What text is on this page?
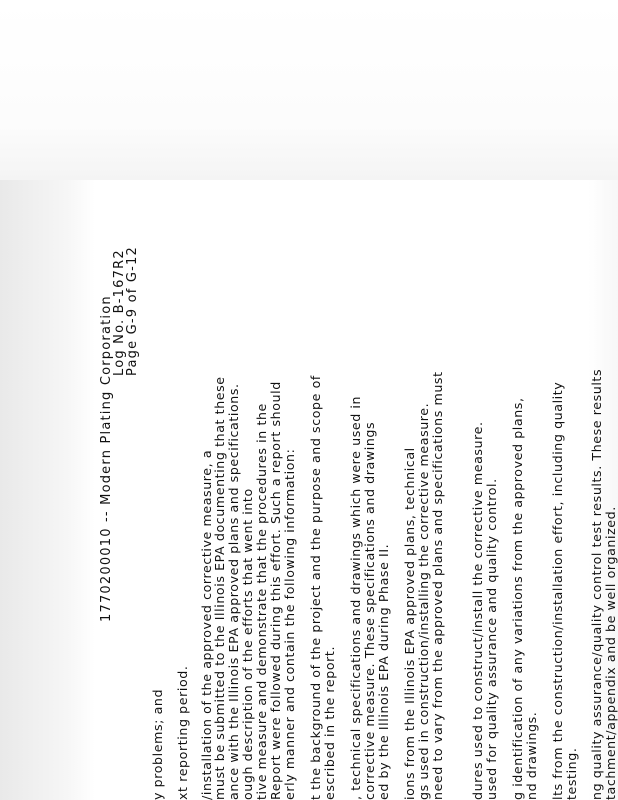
1770200010 -- Modern Plating Corporation
Log No. B-167R2
Page G-9 of G-12
y problems; and xt reporting period. /installation of the approved corrective measure, a
must be submitted to the Illinois EPA documenting that these ance with the Illinois EPA approved plans and specifications. ough description of the efforts that went into tive measure and demonstrate that the procedures in the Report were followed during this effort. Such a report should erly manner and contain the following information: t the background of the project and the purpose and scope of escribed in the report. , technical specifications and drawings which were used in corrective measure. These specifications and drawings ed by the Illinois EPA during Phase II. ions from the Illinois EPA approved plans, technical gs used in construction/installing the corrective measure. need to vary from the approved plans and specifications must dures used to construct/install the corrective measure. used for quality assurance and quality control. g identification of any variations from the approved plans, nd drawings. lts from the construction/installation effort, including quality testing. ng quality assurance/quality control test results. These results tachment/appendix and be well organized.
